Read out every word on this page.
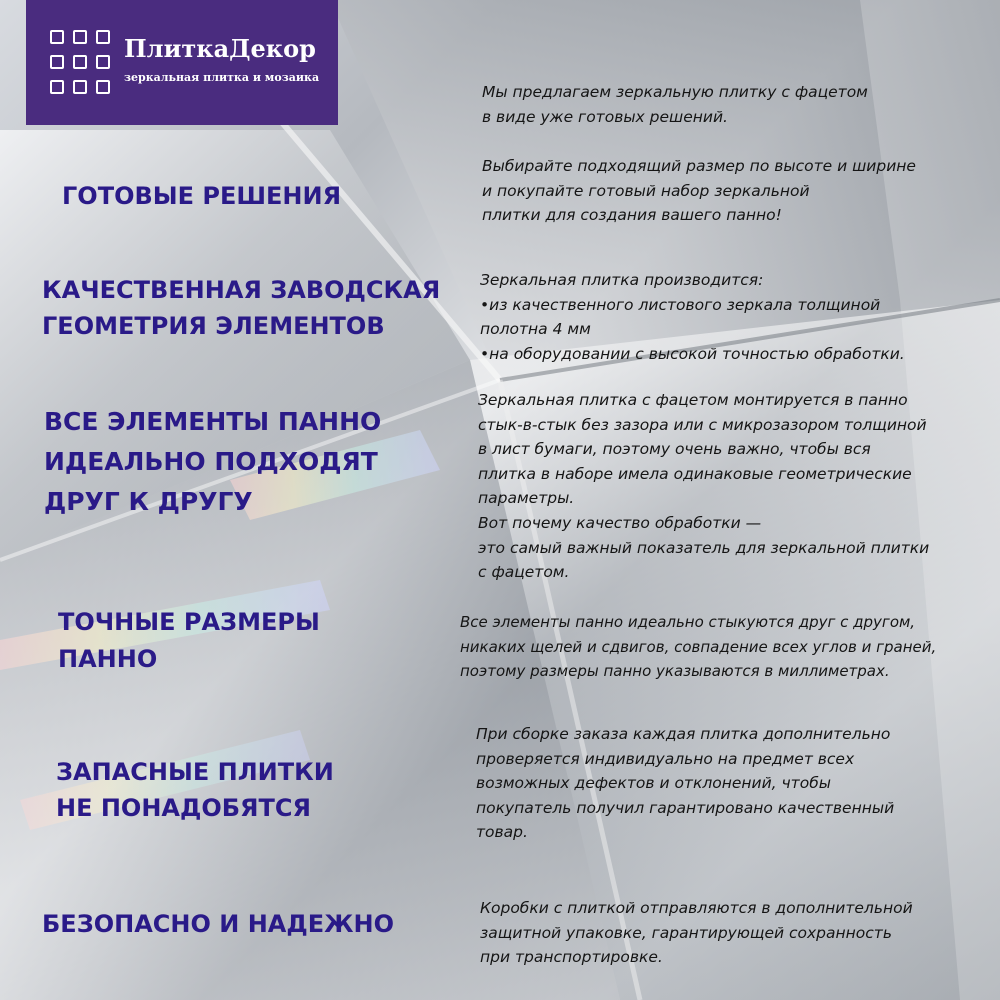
ПлиткаДекор
зеркальная плитка и мозаика
ГОТОВЫЕ РЕШЕНИЯ
Мы предлагаем зеркальную плитку с фацетом
в виде уже готовых решений.
Выбирайте подходящий размер по высоте и ширине
и покупайте готовый набор зеркальной
плитки для создания вашего панно!
КАЧЕСТВЕННАЯ ЗАВОДСКАЯ
ГЕОМЕТРИЯ ЭЛЕМЕНТОВ
Зеркальная плитка производится:
•из качественного листового зеркала толщиной
полотна 4 мм
•на оборудовании с высокой точностью обработки.
ВСЕ ЭЛЕМЕНТЫ ПАННО
ИДЕАЛЬНО ПОДХОДЯТ
ДРУГ К ДРУГУ
Зеркальная плитка с фацетом монтируется в панно
стык-в-стык без зазора или с микрозазором толщиной
в лист бумаги, поэтому очень важно, чтобы вся
плитка в наборе имела одинаковые геометрические
параметры.
Вот почему качество обработки —
это самый важный показатель для зеркальной плитки
с фацетом.
ТОЧНЫЕ РАЗМЕРЫ
ПАННО
Все элементы панно идеально стыкуются друг с другом,
никаких щелей и сдвигов, совпадение всех углов и граней,
поэтому размеры панно указываются в миллиметрах.
ЗАПАСНЫЕ ПЛИТКИ
НЕ ПОНАДОБЯТСЯ
При сборке заказа каждая плитка дополнительно
проверяется индивидуально на предмет всех
возможных дефектов и отклонений, чтобы
покупатель получил гарантировано качественный
товар.
БЕЗОПАСНО И НАДЕЖНО
Коробки с плиткой отправляются в дополнительной
защитной упаковке, гарантирующей сохранность
при транспортировке.
